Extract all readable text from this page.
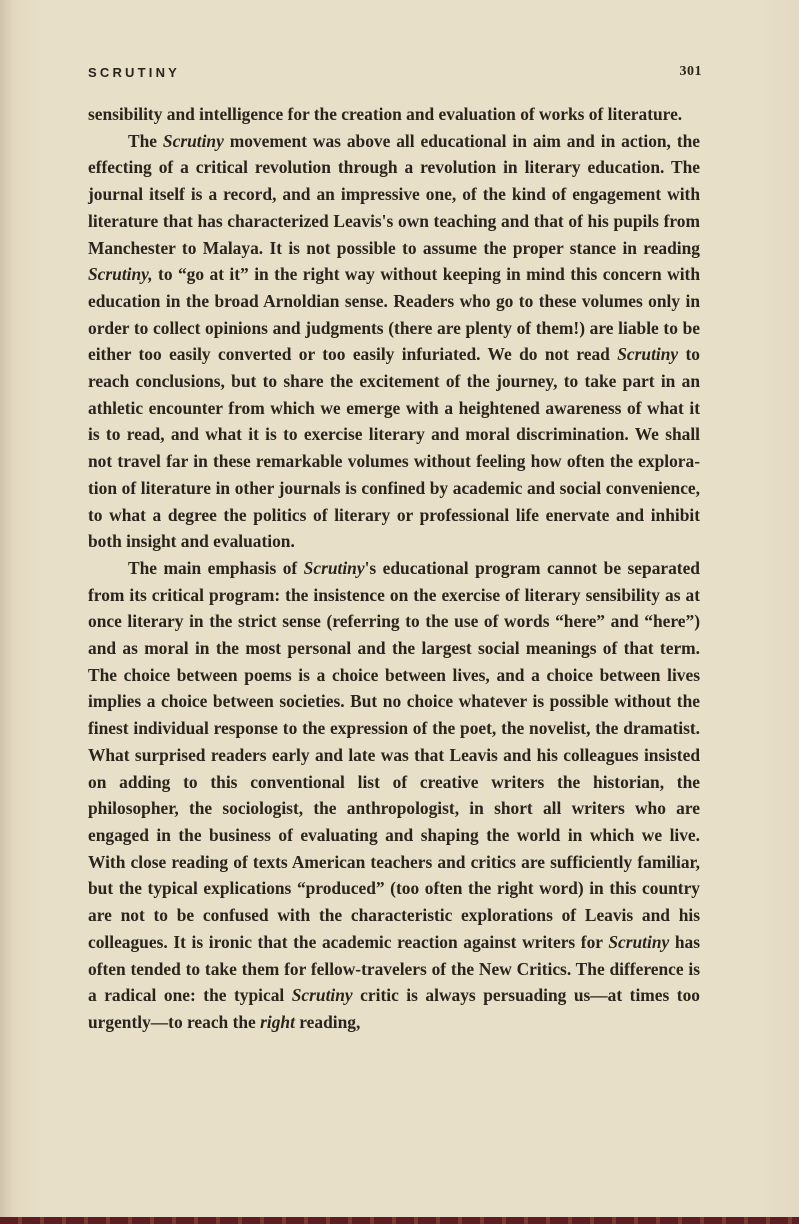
SCRUTINY	301

sensibility and intelligence for the creation and evaluation of works of literature.

The Scrutiny movement was above all educational in aim and in action, the effecting of a critical revolution through a revolution in literary education. The journal itself is a record, and an impressive one, of the kind of engagement with literature that has characterized Leavis's own teaching and that of his pupils from Manchester to Malaya. It is not possible to assume the proper stance in reading Scrutiny, to “go at it” in the right way without keeping in mind this concern with education in the broad Arnoldian sense. Readers who go to these volumes only in order to collect opinions and judgments (there are plenty of them!) are liable to be either too easily converted or too easily infuriated. We do not read Scrutiny to reach conclusions, but to share the excitement of the journey, to take part in an athletic encounter from which we emerge with a heightened awareness of what it is to read, and what it is to exercise literary and moral discrimination. We shall not travel far in these remarkable volumes without feeling how often the exploration of literature in other journals is confined by academic and social convenience, to what a degree the politics of literary or professional life enervate and inhibit both insight and evaluation.

The main emphasis of Scrutiny's educational program cannot be separated from its critical program: the insistence on the exercise of literary sensibility as at once literary in the strict sense (referring to the use of words “here” and “here”) and as moral in the most personal and the largest social meanings of that term. The choice between poems is a choice between lives, and a choice between lives implies a choice between societies. But no choice whatever is possible without the finest individual response to the expression of the poet, the novelist, the dramatist. What surprised readers early and late was that Leavis and his colleagues insisted on adding to this conventional list of creative writers the historian, the philosopher, the sociologist, the anthropologist, in short all writers who are engaged in the business of evaluating and shaping the world in which we live. With close reading of texts American teachers and critics are sufficiently familiar, but the typical explications “produced” (too often the right word) in this country are not to be confused with the characteristic explorations of Leavis and his colleagues. It is ironic that the academic reaction against writers for Scrutiny has often tended to take them for fellow-travelers of the New Critics. The difference is a radical one: the typical Scrutiny critic is always persuading us—at times too urgently—to reach the right reading,
